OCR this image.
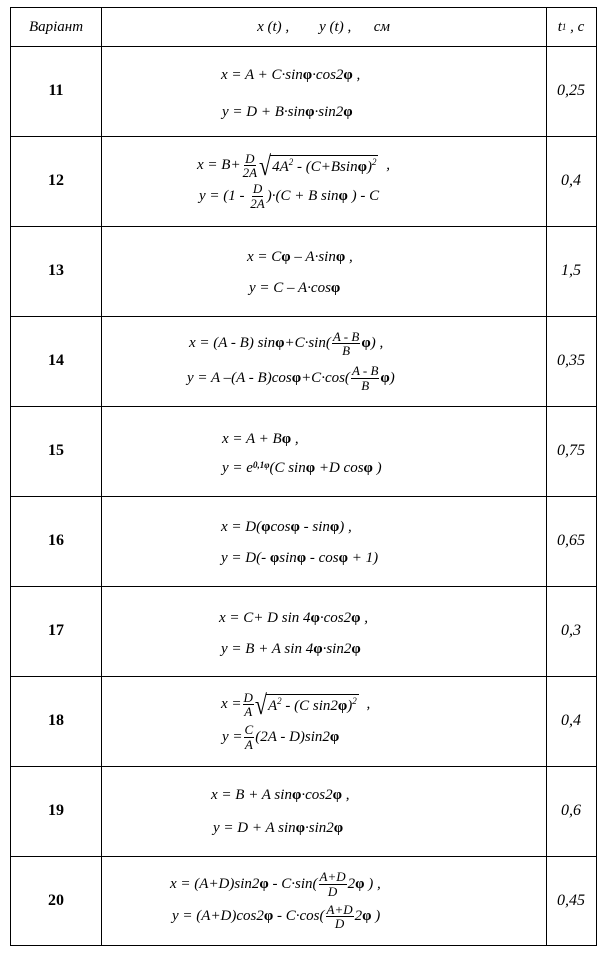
Варіант	x (t) ,        y (t) ,      см	t 1 , c
11
12
13
14
15
16
17
18
19
20
0,25
0,4
1,5
0,35
0,75
0,65
0,3
0,4
0,6
0,45
x = A + C·sin φ ·cos2 φ ,
y = D + B·sin φ ·sin2 φ
$x = B+ \frac{D}{2A}$ √ $4A^2 - (C+Bsin\varphi)^2$ ,
$y = (1 - \frac{D}{2A} )\cdot(C + B$ sin φ ) - C
x = C φ – A·sin φ ,
y = C – A·cos φ
x = (A - B) $\sin \varphi +C\cdot\sin( \frac{A - B}{B}$ φ ) ,
y = A –(A - B)cos $\varphi +C\cdot\cos( \frac{A - B}{B}$ φ )
x = A + B φ ,
$y = e^{0,1\varphi}$ (C sin φ +D cos φ )
x = D( φ cos φ - sin φ ) ,
y = D(- φ sin φ - cos φ + 1)
x = C+ D sin 4 φ ·cos2 φ ,
y = B + A sin 4 φ ·sin2 φ
$x = \frac{D}{A}$ √ $A^2 - (C$ sin2φ)$^2$ ,
$y = \frac{C}{A} (2A - D)\sin 2$ φ
x = B + A sin φ ·cos2 φ ,
y = D + A sin φ ·sin2 φ
x = (A+D)sin2 $\varphi - C\cdot\sin( \frac{A+D}{D} 2$ φ ) ,
y = (A+D)cos2 $\varphi - C\cdot\cos( \frac{A+D}{D} 2$ φ )
